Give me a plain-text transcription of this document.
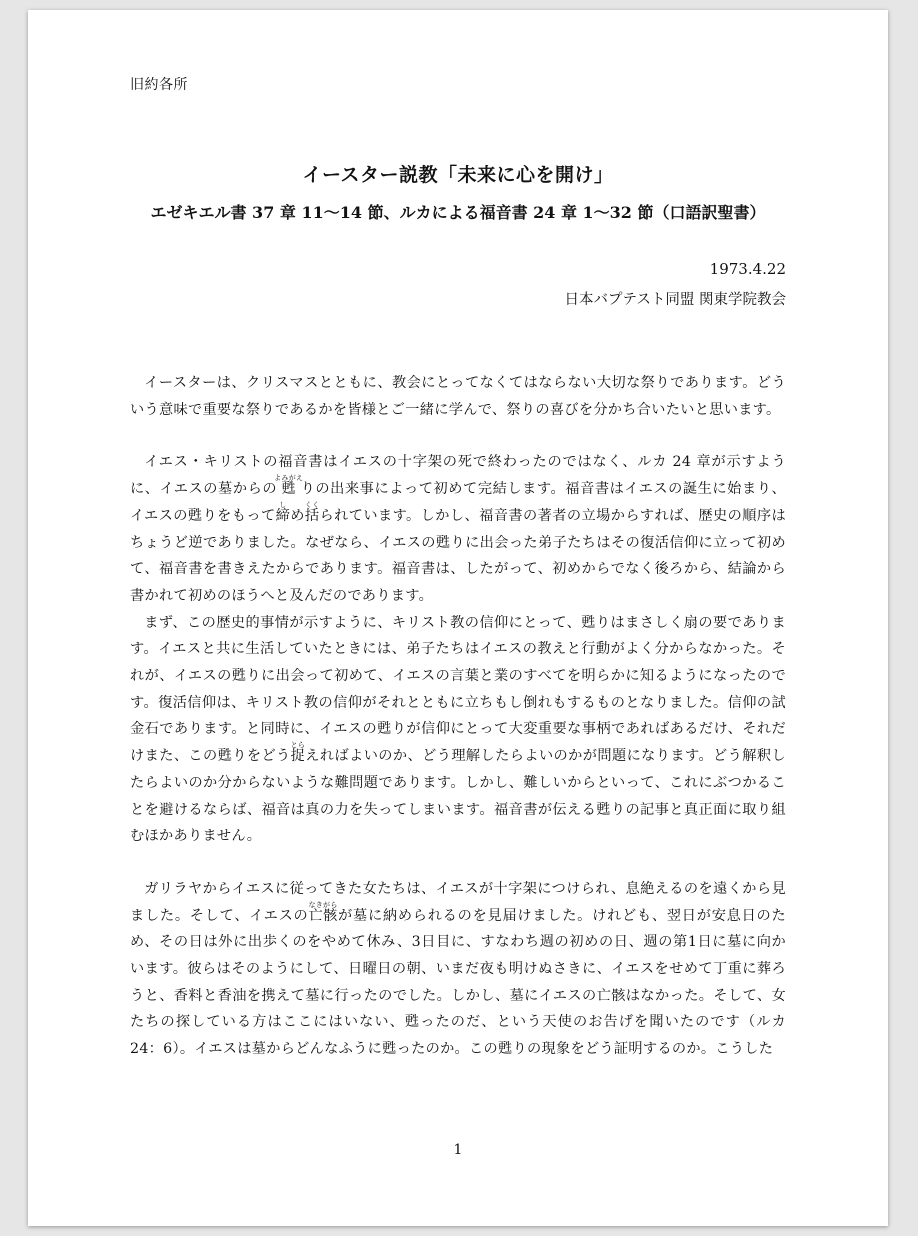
旧約各所
イースター説教「未来に心を開け」
エゼキエル書 37 章 11〜14 節、ルカによる福音書 24 章 1〜32 節（口語訳聖書）
1973.4.22
日本バプテスト同盟 関東学院教会

イースターは、クリスマスとともに、教会にとってなくてはならない大切な祭りであります。どういう意味で重要な祭りであるかを皆様とご一緒に学んで、祭りの喜びを分かち合いたいと思います。

イエス・キリストの福音書はイエスの十字架の死で終わったのではなく、ルカ 24 章が示すように、イエスの墓からの甦よみがえりの出来事によって初めて完結します。福音書はイエスの誕生に始まり、イエスの甦りをもって締しめ括くくられています。しかし、福音書の著者の立場からすれば、歴史の順序はちょうど逆でありました。なぜなら、イエスの甦りに出会った弟子たちはその復活信仰に立って初めて、福音書を書きえたからであります。福音書は、したがって、初めからでなく後ろから、結論から書かれて初めのほうへと及んだのであります。

まず、この歴史的事情が示すように、キリスト教の信仰にとって、甦りはまさしく扇の要であります。イエスと共に生活していたときには、弟子たちはイエスの教えと行動がよく分からなかった。それが、イエスの甦りに出会って初めて、イエスの言葉と業のすべてを明らかに知るようになったのです。復活信仰は、キリスト教の信仰がそれとともに立ちもし倒れもするものとなりました。信仰の試金石であります。と同時に、イエスの甦りが信仰にとって大変重要な事柄であればあるだけ、それだけまた、この甦りをどう捉とらえればよいのか、どう理解したらよいのかが問題になります。どう解釈したらよいのか分からないような難問題であります。しかし、難しいからといって、これにぶつかることを避けるならば、福音は真の力を失ってしまいます。福音書が伝える甦りの記事と真正面に取り組むほかありません。

ガリラヤからイエスに従ってきた女たちは、イエスが十字架につけられ、息絶えるのを遠くから見ました。そして、イエスの亡骸なきがらが墓に納められるのを見届けました。けれども、翌日が安息日のため、その日は外に出歩くのをやめて休み、3日目に、すなわち週の初めの日、週の第1日に墓に向かいます。彼らはそのようにして、日曜日の朝、いまだ夜も明けぬさきに、イエスをせめて丁重に葬ろうと、香料と香油を携えて墓に行ったのでした。しかし、墓にイエスの亡骸はなかった。そして、女たちの探している方はここにはいない、甦ったのだ、という天使のお告げを聞いたのです（ルカ 24：6）。イエスは墓からどんなふうに甦ったのか。この甦りの現象をどう証明するのか。こうした

1
